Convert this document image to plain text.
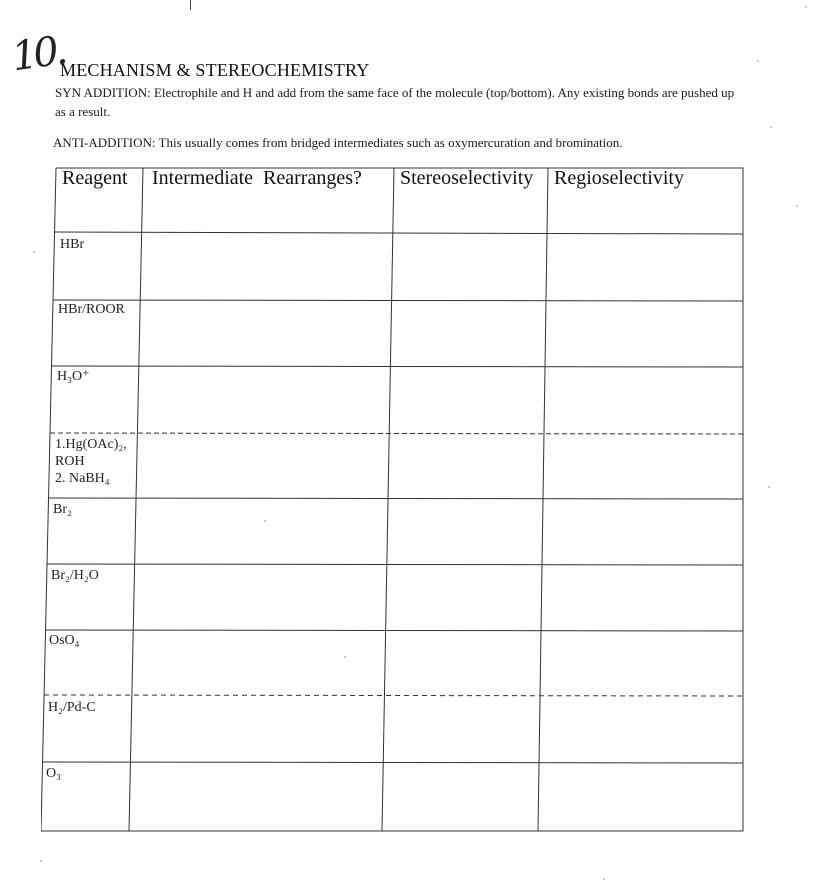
10.
MECHANISM & STEREOCHEMISTRY
SYN ADDITION: Electrophile and H and add from the same face of the molecule (top/bottom). Any existing bonds are pushed up as a result.
ANTI-ADDITION: This usually comes from bridged intermediates such as oxymercuration and bromination.
Reagent Intermediate  Rearranges? Stereoselectivity Regioselectivity
HBr
HBr/ROOR
H₃O⁺
1.Hg(OAc)₂,
ROH
2. NaBH₄
Br₂
Br₂/H₂O
OsO₄
H₂/Pd-C
O₃
